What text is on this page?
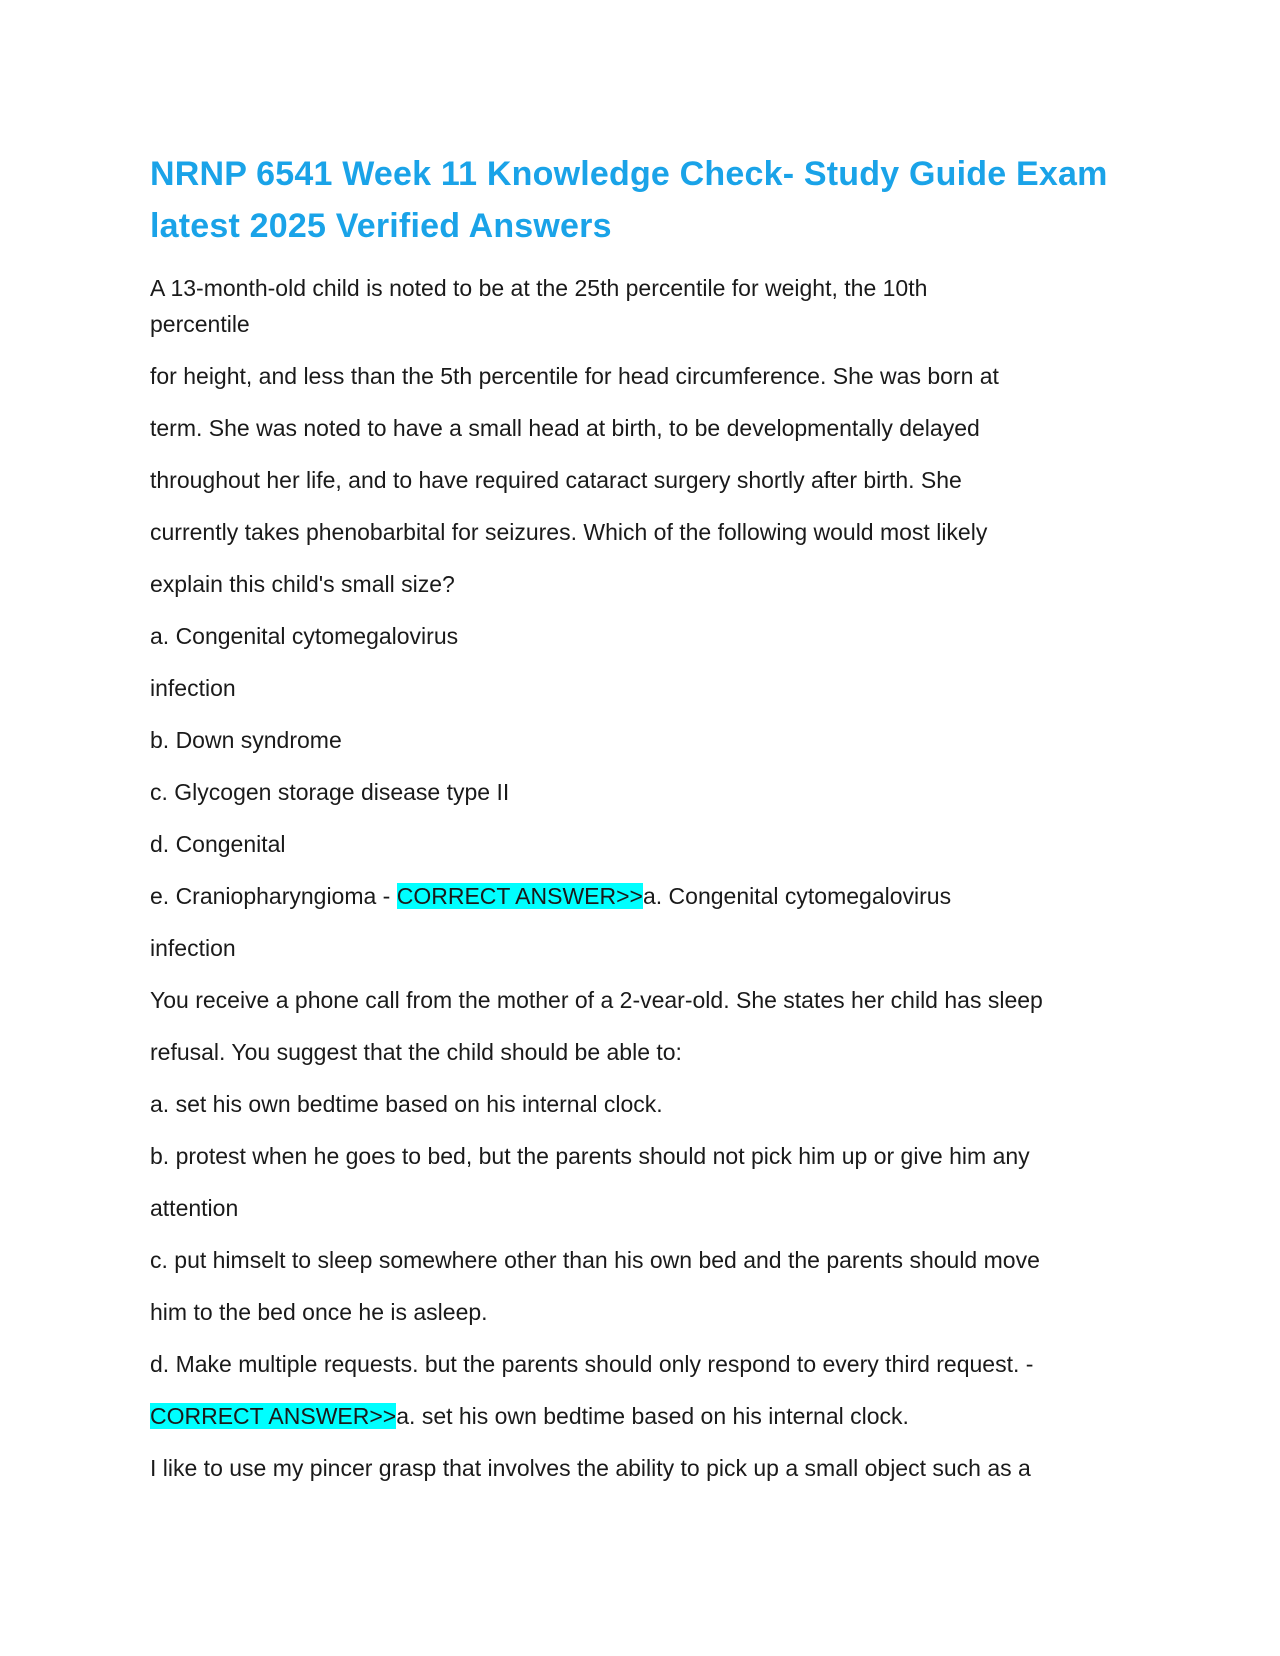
NRNP 6541 Week 11 Knowledge Check- Study Guide Exam
latest 2025 Verified Answers

A 13-month-old child is noted to be at the 25th percentile for weight, the 10th

percentile

for height, and less than the 5th percentile for head circumference. She was born at

term. She was noted to have a small head at birth, to be developmentally delayed

throughout her life, and to have required cataract surgery shortly after birth. She

currently takes phenobarbital for seizures. Which of the following would most likely

explain this child's small size?

a. Congenital cytomegalovirus

infection

b. Down syndrome

c. Glycogen storage disease type II

d. Congenital

e. Craniopharyngioma - CORRECT ANSWER>>a. Congenital cytomegalovirus

infection

You receive a phone call from the mother of a 2-vear-old. She states her child has sleep

refusal. You suggest that the child should be able to:

a. set his own bedtime based on his internal clock.

b. protest when he goes to bed, but the parents should not pick him up or give him any

attention

c. put himselt to sleep somewhere other than his own bed and the parents should move

him to the bed once he is asleep.

d. Make multiple requests. but the parents should only respond to every third request. -

CORRECT ANSWER>>a. set his own bedtime based on his internal clock.

I like to use my pincer grasp that involves the ability to pick up a small object such as a
